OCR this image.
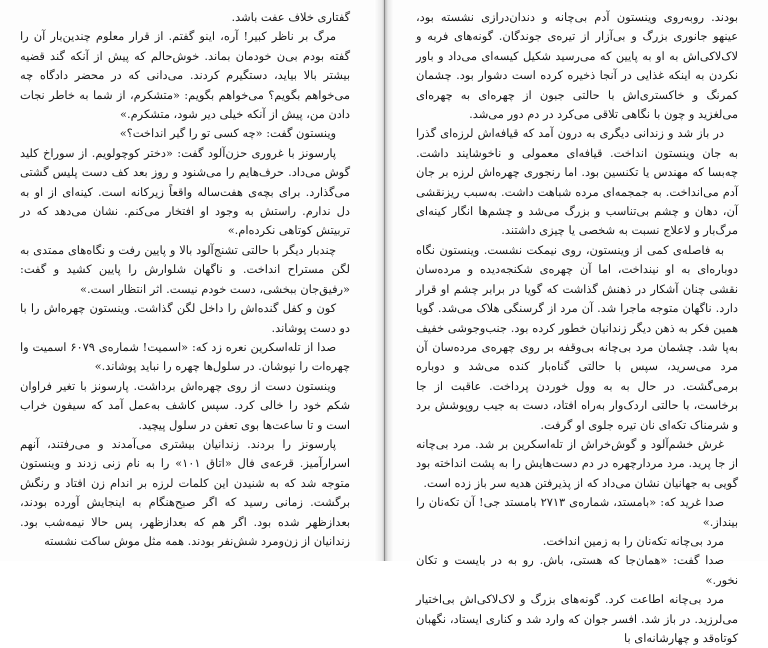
گفتاری خلاف عفت باشد.

مرگ بر ناظر کبیر! آره، اینو گفتم. از قرار معلوم چندین‌بار آن را گفته بودم بی‌ن خودمان بماند. خوش‌حالم که پیش از آنکه گند قضیه بیشتر بالا بیاید، دستگیرم کردند. می‌دانی که در محضر دادگاه چه می‌خواهم بگویم؟ می‌خواهم بگویم: «متشکرم، از شما به خاطر نجات دادن من، پیش از آنکه خیلی دیر شود، متشکرم.»

وینستون گفت: «چه کسی تو را گیر انداخت؟»

پارسونز با غروری حزن‌آلود گفت: «دختر کوچولویم. از سوراخ کلید گوش می‌داد. حرف‌هایم را می‌شنود و روز بعد کف دست پلیس گشتی می‌گذارد. برای بچه‌ی هفت‌ساله واقعاً زیرکانه است. کینه‌ای از او به دل ندارم. راستش به وجود او افتخار می‌کنم. نشان می‌دهد که در تربیتش کوتاهی نکرده‌ام.»

چندبار دیگر با حالتی تشنج‌آلود بالا و پایین رفت و نگاه‌های ممتدی به لگن مستراح انداخت. و ناگهان شلوارش را پایین کشید و گفت: «رفیق‌جان ببخشی، دست خودم نیست. اثر انتظار است.»

کون و کفل گنده‌اش را داخل لگن گذاشت. وینستون چهره‌اش را با دو دست پوشاند.

صدا از تله‌اسکرین نعره زد که: «اسمیت! شماره‌ی ۶۰۷۹ اسمیت وا چهره‌ات را نپوشان. در سلول‌ها چهره را نباید پوشاند.»

وینستون دست از روی چهره‌اش برداشت. پارسونز با تغیر فراوان شکم خود را خالی کرد. سپس کاشف به‌عمل آمد که سیفون خراب است و تا ساعت‌ها بوی تعفن در سلول پیچید.

پارسونز را بردند. زندانیان بیشتری می‌آمدند و می‌رفتند، آنهم اسرارآمیز. قرعه‌ی فال «اتاق ۱۰۱» را به نام زنی زدند و وینستون متوجه شد که به شنیدن این کلمات لرزه بر اندام زن افتاد و رنگش برگشت. زمانی رسید که اگر صبح‌هنگام به اینجایش آورده بودند، بعدازظهر شده بود. اگر هم که بعدازظهر، پس حالا نیمه‌شب بود. زندانیان از زن‌ومرد شش‌نفر بودند. همه مثل موش ساکت نشسته

بودند. روبه‌روی وینستون آدم بی‌چانه و دندان‌درازی نشسته بود، عینهو جانوری بزرگ و بی‌آزار از تیره‌ی جوندگان. گونه‌های فربه و لاک‌لاکی‌اش به او به پایین که می‌رسید شکیل کیسه‌ای می‌داد و باور نکردن به اینکه غذایی در آنجا ذخیره کرده است دشوار بود. چشمان کمرنگ و خاکستری‌اش با حالتی جبون از چهره‌ای به چهره‌ای می‌لغزید و چون با نگاهی تلاقی می‌کرد در دم دور می‌شد.

در باز شد و زندانی دیگری به درون آمد که قیافه‌اش لرزه‌ای گذرا به جان وینستون انداخت. قیافه‌ای معمولی و ناخوشایند داشت. چه‌بسا که مهندس یا تکنسین بود. اما رنجوری چهره‌اش لرزه بر جان آدم می‌انداخت. به جمجمه‌ای مرده شباهت داشت. به‌سبب ریزنقشی آن، دهان و چشم بی‌تناسب و بزرگ می‌شد و چشم‌ها انگار کینه‌ای مرگ‌بار و لاعلاج نسبت به شخصی یا چیزی داشتند.

به فاصله‌ی کمی از وینستون، روی نیمکت نشست. وینستون نگاه دوباره‌ای به او نینداخت، اما آن چهره‌ی شکنجه‌دیده و مرده‌سان نقشی چنان آشکار در ذهنش گذاشت که گویا در برابر چشم او قرار دارد. ناگهان متوجه ماجرا شد. آن مرد از گرسنگی هلاک می‌شد. گویا همین فکر به ذهن دیگر زندانیان خطور کرده بود. جنب‌وجوشی خفیف به‌پا شد. چشمان مرد بی‌چانه بی‌وقفه بر روی چهره‌ی مرده‌سان آن مرد می‌سرید، سپس با حالتی گناه‌بار کنده می‌شد و دوباره برمی‌گشت. در حال به‌ به وول خوردن پرداخت. عاقبت از جا برخاست، با حالتی اردک‌وار به‌راه افتاد، دست به جیب روپوشش برد و شرمناک تکه‌ای نان تیره جلوی او گرفت.

غرش خشم‌آلود و گوش‌خراش از تله‌اسکرین بر شد. مرد بی‌چانه از جا پرید. مرد مردارچهره در دم دست‌هایش را به پشت انداخته بود گویی به جهانیان نشان می‌داد که از پذیرفتن هدیه سر باز زده است.

صدا غرید که: «بامستد، شماره‌ی ۲۷۱۳ بامستد جی! آن تکه‌نان را بینداز.»

مرد بی‌چانه تکه‌نان را به زمین انداخت.

صدا گفت: «همان‌جا که هستی، باش. رو به در بایست و تکان نخور.»

مرد بی‌چانه اطاعت کرد. گونه‌های بزرگ و لاک‌لاکی‌اش بی‌اختیار می‌لرزید. در باز شد. افسر جوان که وارد شد و کناری ایستاد، نگهبان کوتاه‌قد و چهارشانه‌ای با
